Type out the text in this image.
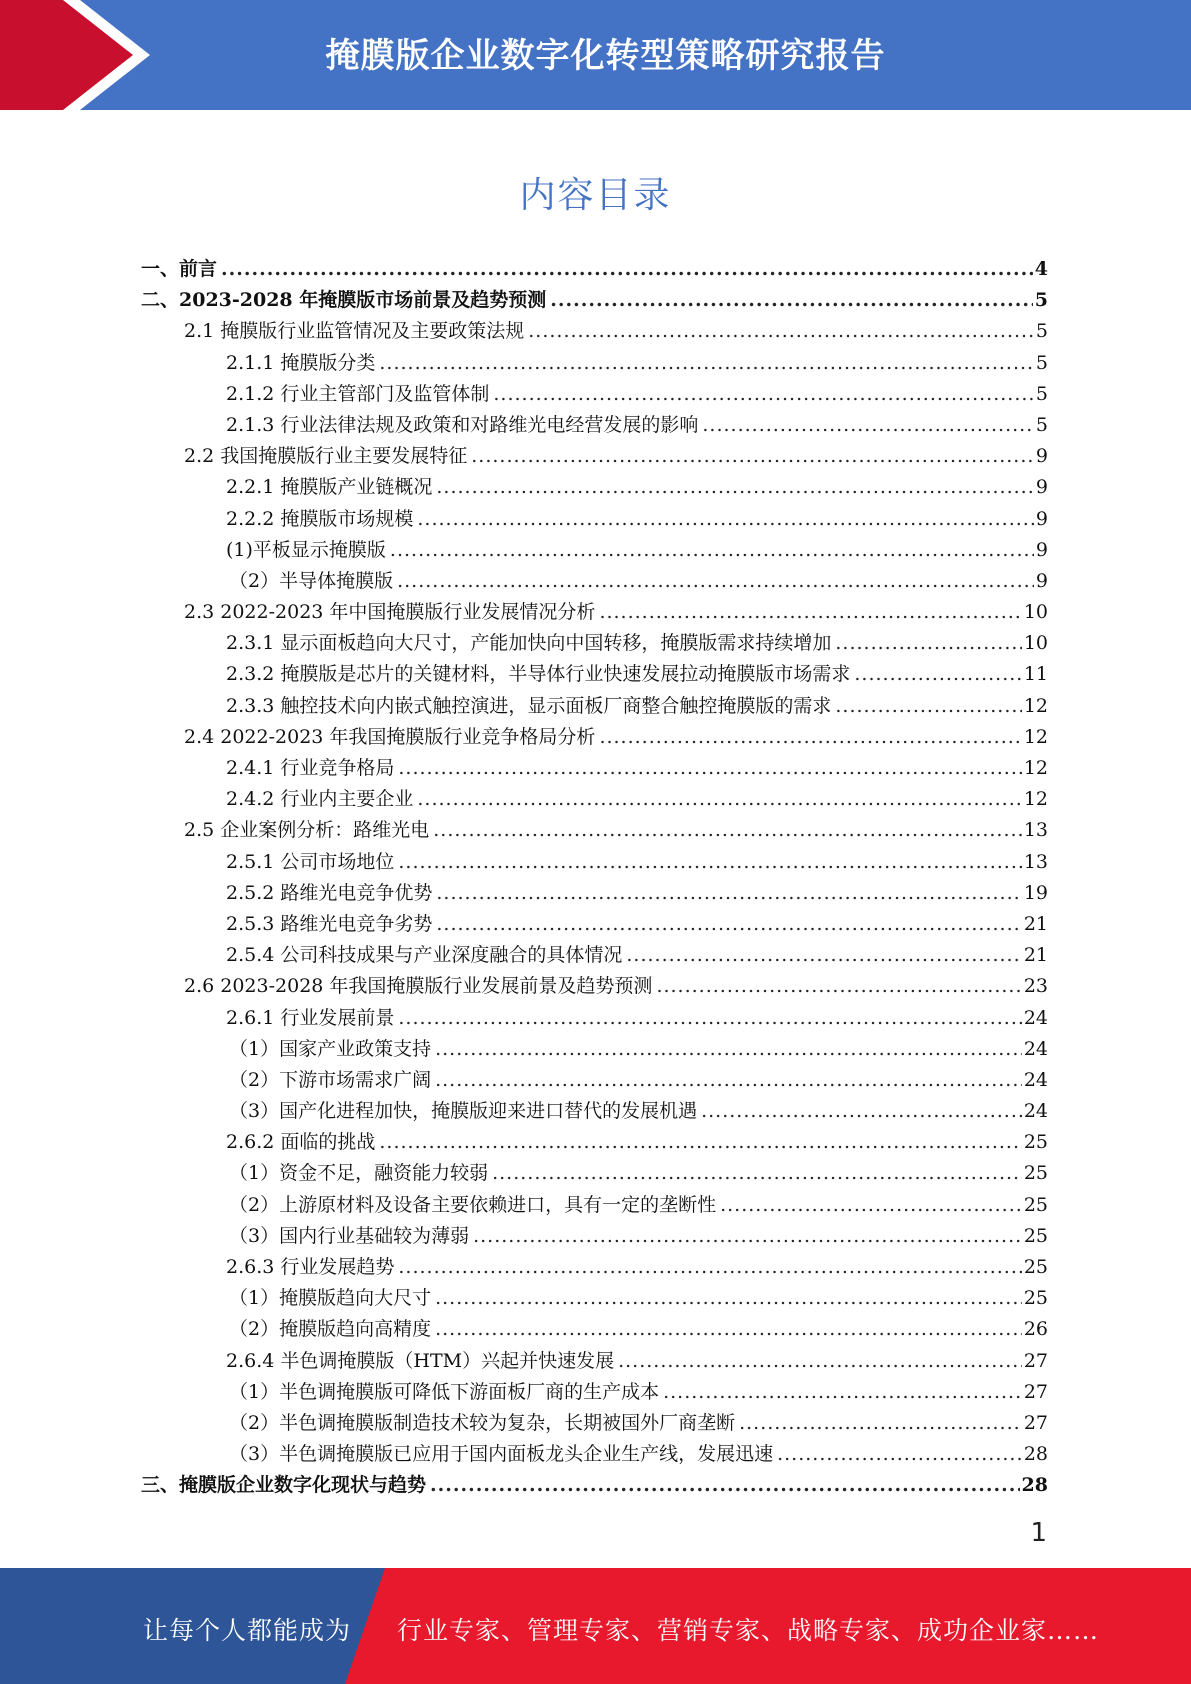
掩膜版企业数字化转型策略研究报告
内容目录
一、前言 .....	4
二、2023-2028 年掩膜版市场前景及趋势预测 .....	5
2.1 掩膜版行业监管情况及主要政策法规 .....	5
2.1.1 掩膜版分类 .....	5
2.1.2 行业主管部门及监管体制 .....	5
2.1.3 行业法律法规及政策和对路维光电经营发展的影响 .....	5
2.2 我国掩膜版行业主要发展特征 .....	9
2.2.1 掩膜版产业链概况 .....	9
2.2.2 掩膜版市场规模 .....	9
(1)平板显示掩膜版 .....	9
（2）半导体掩膜版 .....	9
2.3 2022-2023 年中国掩膜版行业发展情况分析 .....	10
2.3.1 显示面板趋向大尺寸，产能加快向中国转移，掩膜版需求持续增加 .....	10
2.3.2 掩膜版是芯片的关键材料，半导体行业快速发展拉动掩膜版市场需求 .....	11
2.3.3 触控技术向内嵌式触控演进，显示面板厂商整合触控掩膜版的需求 .....	12
2.4 2022-2023 年我国掩膜版行业竞争格局分析 .....	12
2.4.1 行业竞争格局 .....	12
2.4.2 行业内主要企业 .....	12
2.5 企业案例分析：路维光电 .....	13
2.5.1 公司市场地位 .....	13
2.5.2 路维光电竞争优势 .....	19
2.5.3 路维光电竞争劣势 .....	21
2.5.4 公司科技成果与产业深度融合的具体情况 .....	21
2.6 2023-2028 年我国掩膜版行业发展前景及趋势预测 .....	23
2.6.1 行业发展前景 .....	24
（1）国家产业政策支持 .....	24
（2）下游市场需求广阔 .....	24
（3）国产化进程加快，掩膜版迎来进口替代的发展机遇 .....	24
2.6.2 面临的挑战 .....	25
（1）资金不足，融资能力较弱 .....	25
（2）上游原材料及设备主要依赖进口，具有一定的垄断性 .....	25
（3）国内行业基础较为薄弱 .....	25
2.6.3 行业发展趋势 .....	25
（1）掩膜版趋向大尺寸 .....	25
（2）掩膜版趋向高精度 .....	26
2.6.4 半色调掩膜版（HTM）兴起并快速发展 .....	27
（1）半色调掩膜版可降低下游面板厂商的生产成本 .....	27
（2）半色调掩膜版制造技术较为复杂，长期被国外厂商垄断 .....	27
（3）半色调掩膜版已应用于国内面板龙头企业生产线，发展迅速 .....	28
三、掩膜版企业数字化现状与趋势 .....	28
1
让每个人都能成为 行业专家、管理专家、营销专家、战略专家、成功企业家……
